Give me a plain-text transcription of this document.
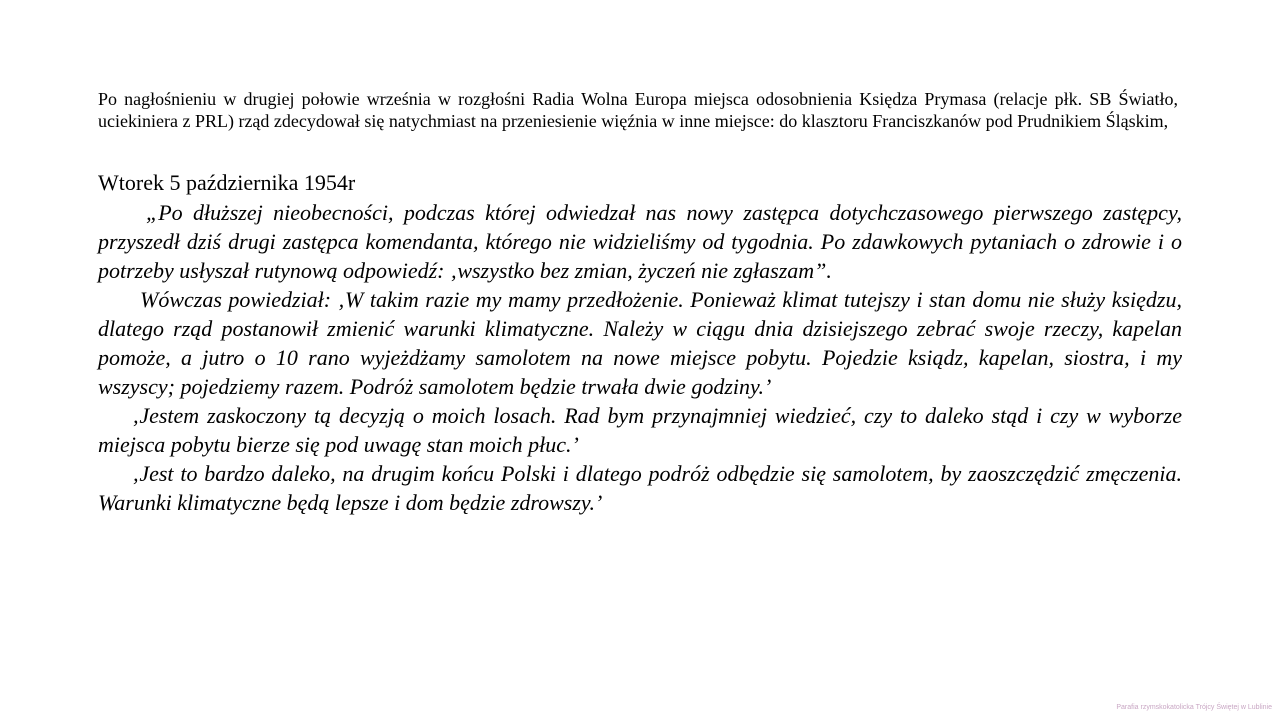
Po nagłośnieniu w drugiej połowie września w rozgłośni Radia Wolna Europa miejsca odosobnienia Księdza Prymasa (relacje płk. SB Światło, uciekiniera z PRL) rząd zdecydował się natychmiast na przeniesienie więźnia w inne miejsce: do klasztoru Franciszkanów pod Prudnikiem Śląskim,

Wtorek 5 października 1954r

„Po dłuższej nieobecności, podczas której odwiedzał nas nowy zastępca dotychczasowego pierwszego zastępcy, przyszedł dziś drugi zastępca komendanta, którego nie widzieliśmy od tygodnia. Po zdawkowych pytaniach o zdrowie i o potrzeby usłyszał rutynową odpowiedź: ‚wszystko bez zmian, życzeń nie zgłaszam”.

Wówczas powiedział: ‚W takim razie my mamy przedłożenie. Ponieważ klimat tutejszy i stan domu nie służy księdzu, dlatego rząd postanowił zmienić warunki klimatyczne. Należy w ciągu dnia dzisiejszego zebrać swoje rzeczy, kapelan pomoże, a jutro o 10 rano wyjeżdżamy samolotem na nowe miejsce pobytu. Pojedzie ksiądz, kapelan, siostra, i my wszyscy; pojedziemy razem. Podróż samolotem będzie trwała dwie godziny.’

‚Jestem zaskoczony tą decyzją o moich losach. Rad bym przynajmniej wiedzieć, czy to daleko stąd i czy w wyborze miejsca pobytu bierze się pod uwagę stan moich płuc.’

‚Jest to bardzo daleko, na drugim końcu Polski i dlatego podróż odbędzie się samolotem, by zaoszczędzić zmęczenia. Warunki klimatyczne będą lepsze i dom będzie zdrowszy.’

Parafia rzymskokatolicka Trójcy Świętej w Lublinie
